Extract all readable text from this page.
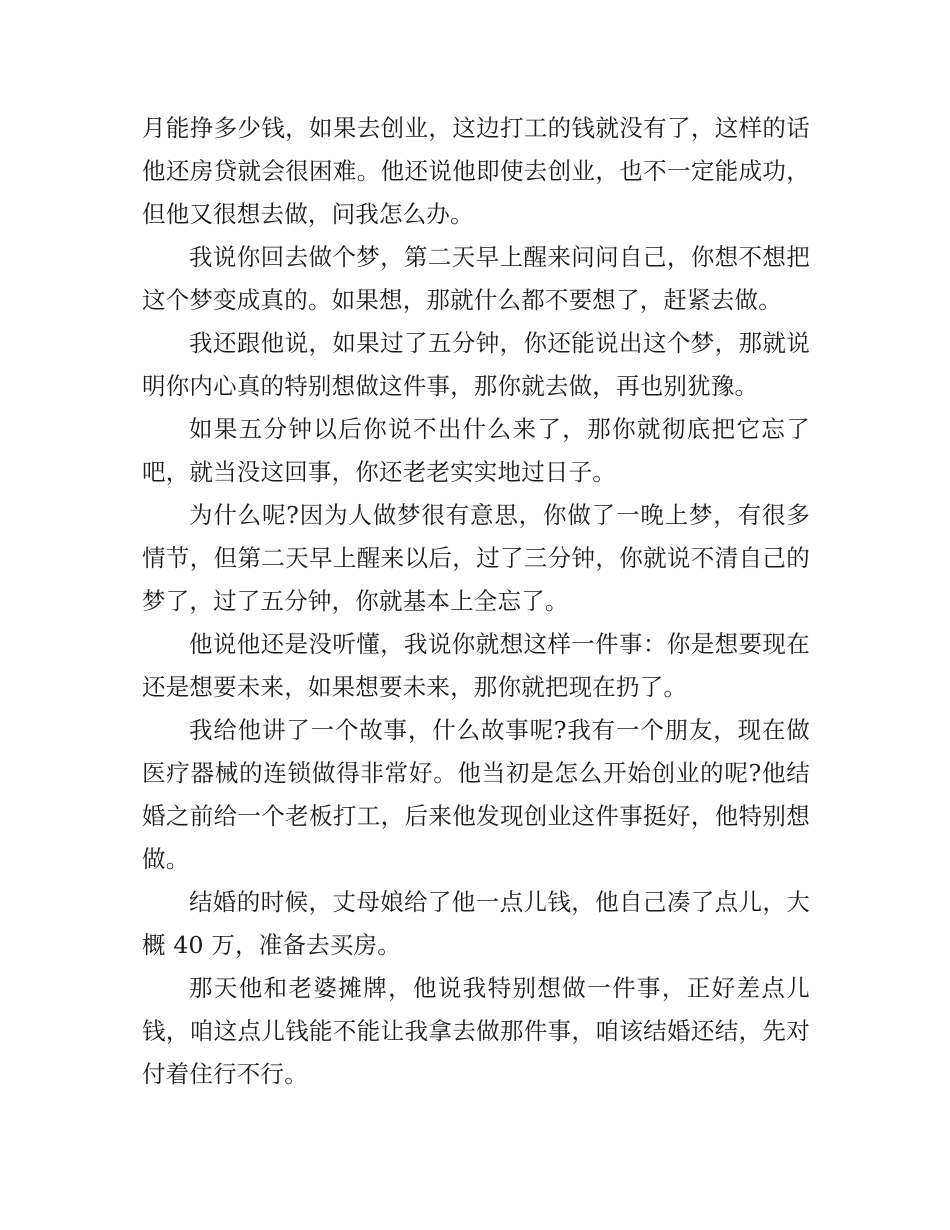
月能挣多少钱，如果去创业，这边打工的钱就没有了，这样的话他还房贷就会很困难。他还说他即使去创业，也不一定能成功，但他又很想去做，问我怎么办。

我说你回去做个梦，第二天早上醒来问问自己，你想不想把这个梦变成真的。如果想，那就什么都不要想了，赶紧去做。

我还跟他说，如果过了五分钟，你还能说出这个梦，那就说明你内心真的特别想做这件事，那你就去做，再也别犹豫。

如果五分钟以后你说不出什么来了，那你就彻底把它忘了吧，就当没这回事，你还老老实实地过日子。

为什么呢?因为人做梦很有意思，你做了一晚上梦，有很多情节，但第二天早上醒来以后，过了三分钟，你就说不清自己的梦了，过了五分钟，你就基本上全忘了。

他说他还是没听懂，我说你就想这样一件事：你是想要现在还是想要未来，如果想要未来，那你就把现在扔了。

我给他讲了一个故事，什么故事呢?我有一个朋友，现在做医疗器械的连锁做得非常好。他当初是怎么开始创业的呢?他结婚之前给一个老板打工，后来他发现创业这件事挺好，他特别想做。

结婚的时候，丈母娘给了他一点儿钱，他自己凑了点儿，大概 40 万，准备去买房。

那天他和老婆摊牌，他说我特别想做一件事，正好差点儿钱，咱这点儿钱能不能让我拿去做那件事，咱该结婚还结，先对付着住行不行。
